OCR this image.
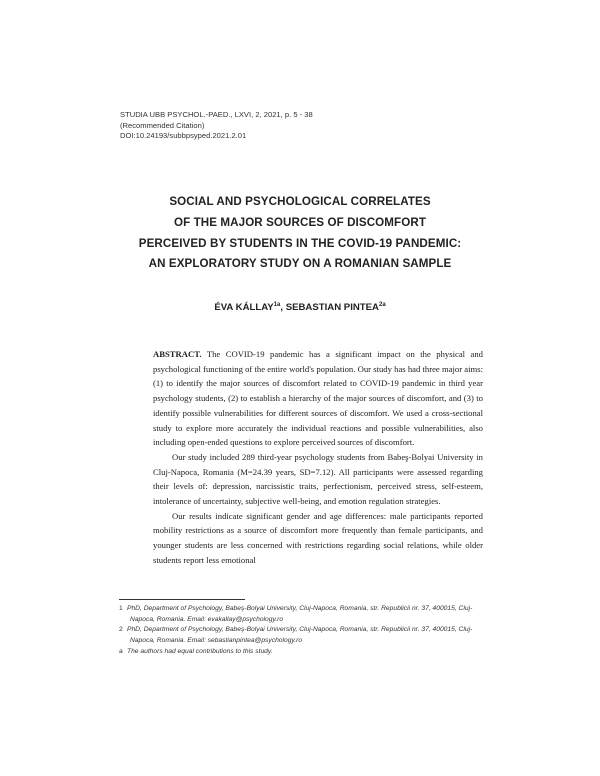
STUDIA UBB PSYCHOL.-PAED., LXVI, 2, 2021, p. 5 - 38
(Recommended Citation)
DOI:10.24193/subbpsyped.2021.2.01
SOCIAL AND PSYCHOLOGICAL CORRELATES
OF THE MAJOR SOURCES OF DISCOMFORT
PERCEIVED BY STUDENTS IN THE COVID-19 PANDEMIC:
AN EXPLORATORY STUDY ON A ROMANIAN SAMPLE
ÉVA $KÁLLAY^{1a}$, SEBASTIAN $PINTEA^{2a}$

ABSTRACT. The COVID-19 pandemic has a significant impact on the physical and psychological functioning of the entire world's population. Our study has had three major aims: (1) to identify the major sources of discomfort related to COVID-19 pandemic in third year psychology students, (2) to establish a hierarchy of the major sources of discomfort, and (3) to identify possible vulnerabilities for different sources of discomfort. We used a cross-sectional study to explore more accurately the individual reactions and possible vulnerabilities, also including open-ended questions to explore perceived sources of discomfort.

Our study included 289 third-year psychology students from Babeş-Bolyai University in Cluj-Napoca, Romania (M=24.39 years, SD=7.12). All participants were assessed regarding their levels of: depression, narcissistic traits, perfectionism, perceived stress, self-esteem, intolerance of uncertainty, subjective well-being, and emotion regulation strategies.

Our results indicate significant gender and age differences: male participants reported mobility restrictions as a source of discomfort more frequently than female participants, and younger students are less concerned with restrictions regarding social relations, while older students report less emotional

1 PhD, Department of Psychology, Babeş-Bolyai University, Cluj-Napoca, Romania, str. Republicii nr. 37, 400015, Cluj-Napoca, Romania. Email: evakallay@psychology.ro
2 PhD, Department of Psychology, Babeş-Bolyai University, Cluj-Napoca, Romania, str. Republicii nr. 37, 400015, Cluj-Napoca, Romania. Email: sebastianpintea@psychology.ro
a The authors had equal contributions to this study.
